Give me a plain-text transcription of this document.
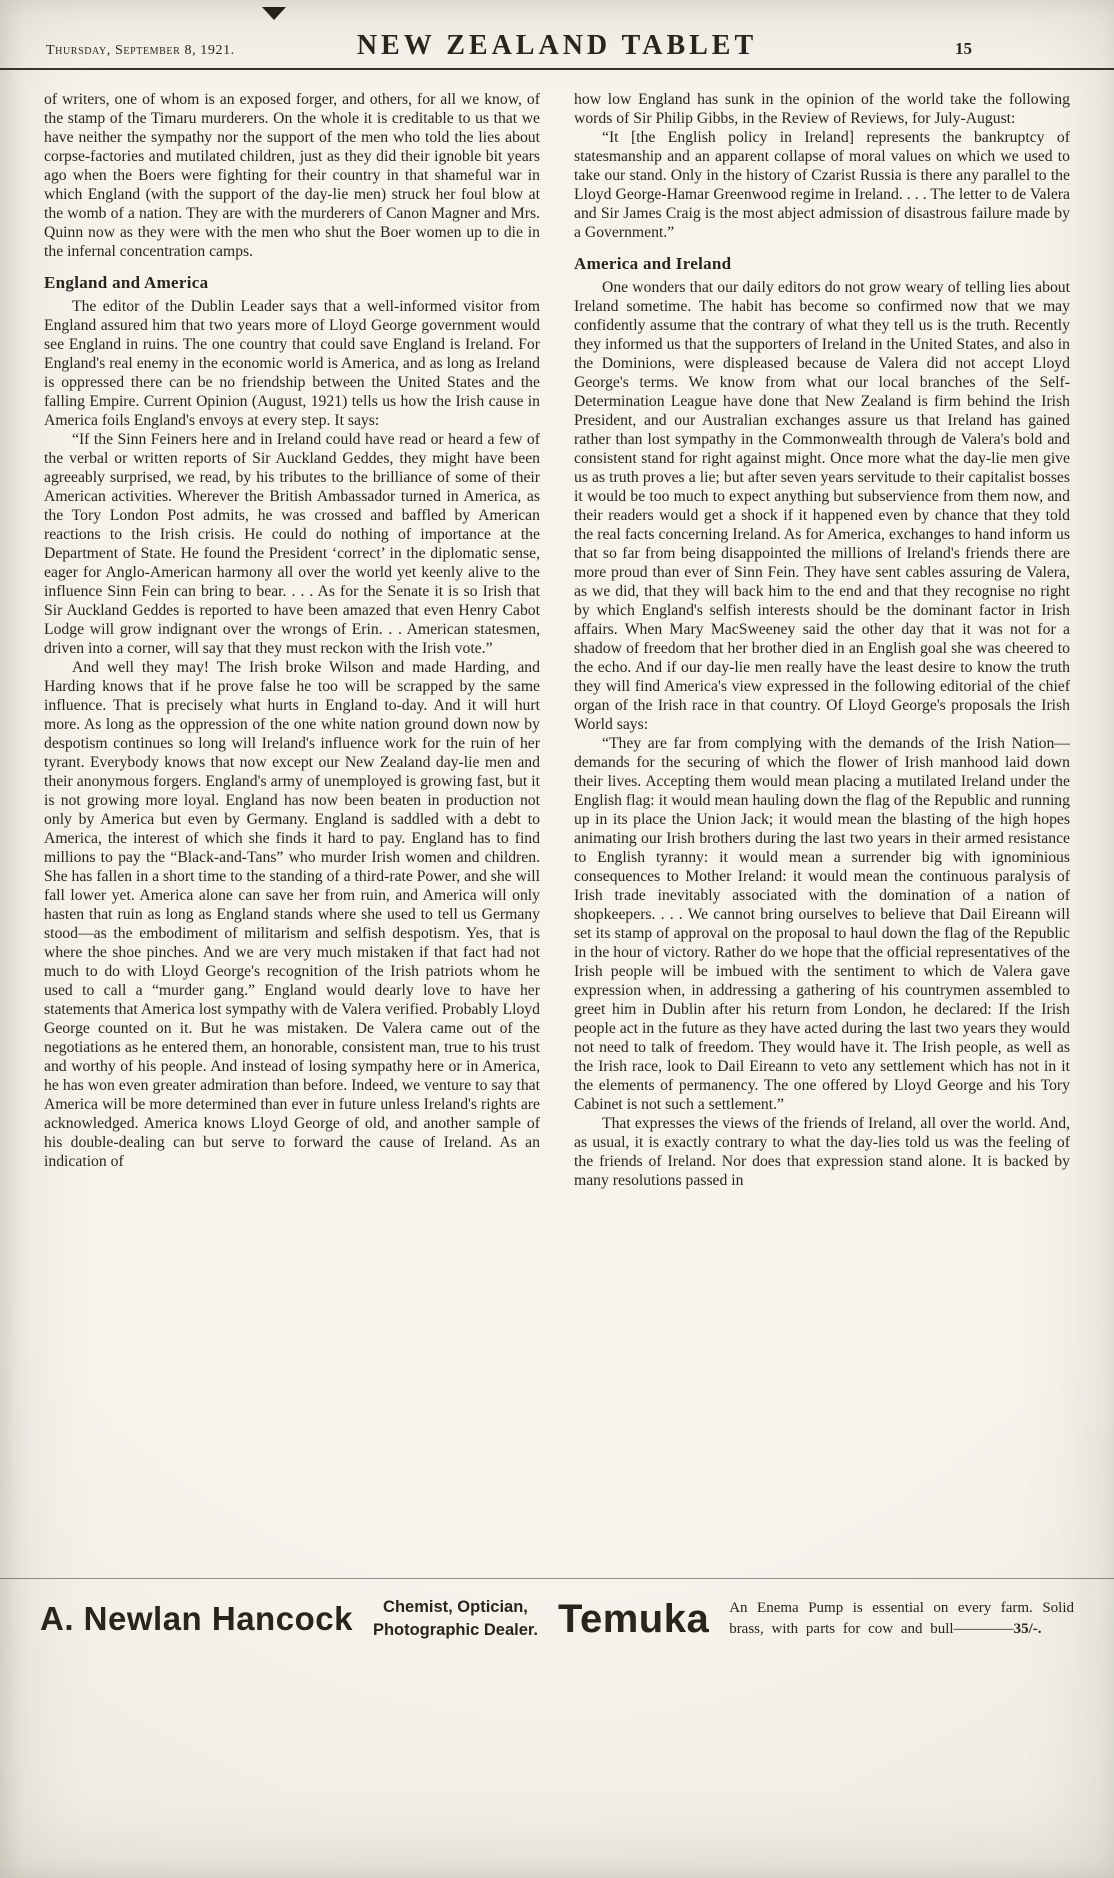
Thursday, September 8, 1921.	NEW ZEALAND TABLET	15

of writers, one of whom is an exposed forger, and others, for all we know, of the stamp of the Timaru murderers. On the whole it is creditable to us that we have neither the sympathy nor the support of the men who told the lies about corpse-factories and mutilated children, just as they did their ignoble bit years ago when the Boers were fighting for their country in that shameful war in which England (with the support of the day-lie men) struck her foul blow at the womb of a nation. They are with the murderers of Canon Magner and Mrs. Quinn now as they were with the men who shut the Boer women up to die in the infernal concentration camps.

England and America

The editor of the Dublin Leader says that a well-informed visitor from England assured him that two years more of Lloyd George government would see England in ruins. The one country that could save England is Ireland. For England's real enemy in the economic world is America, and as long as Ireland is oppressed there can be no friendship between the United States and the falling Empire. Current Opinion (August, 1921) tells us how the Irish cause in America foils England's envoys at every step. It says:

“If the Sinn Feiners here and in Ireland could have read or heard a few of the verbal or written reports of Sir Auckland Geddes, they might have been agreeably surprised, we read, by his tributes to the brilliance of some of their American activities. Wherever the British Ambassador turned in America, as the Tory London Post admits, he was crossed and baffled by American reactions to the Irish crisis. He could do nothing of importance at the Department of State. He found the President ‘correct’ in the diplomatic sense, eager for Anglo-American harmony all over the world yet keenly alive to the influence Sinn Fein can bring to bear. . . . As for the Senate it is so Irish that Sir Auckland Geddes is reported to have been amazed that even Henry Cabot Lodge will grow indignant over the wrongs of Erin. . . American statesmen, driven into a corner, will say that they must reckon with the Irish vote.”

And well they may! The Irish broke Wilson and made Harding, and Harding knows that if he prove false he too will be scrapped by the same influence. That is precisely what hurts in England to-day. And it will hurt more. As long as the oppression of the one white nation ground down now by despotism continues so long will Ireland's influence work for the ruin of her tyrant. Everybody knows that now except our New Zealand day-lie men and their anonymous forgers. England's army of unemployed is growing fast, but it is not growing more loyal. England has now been beaten in production not only by America but even by Germany. England is saddled with a debt to America, the interest of which she finds it hard to pay. England has to find millions to pay the “Black-and-Tans” who murder Irish women and children. She has fallen in a short time to the standing of a third-rate Power, and she will fall lower yet. America alone can save her from ruin, and America will only hasten that ruin as long as England stands where she used to tell us Germany stood—as the embodiment of militarism and selfish despotism. Yes, that is where the shoe pinches. And we are very much mistaken if that fact had not much to do with Lloyd George's recognition of the Irish patriots whom he used to call a “murder gang.” England would dearly love to have her statements that America lost sympathy with de Valera verified. Probably Lloyd George counted on it. But he was mistaken. De Valera came out of the negotiations as he entered them, an honorable, consistent man, true to his trust and worthy of his people. And instead of losing sympathy here or in America, he has won even greater admiration than before. Indeed, we venture to say that America will be more determined than ever in future unless Ireland's rights are acknowledged. America knows Lloyd George of old, and another sample of his double-dealing can but serve to forward the cause of Ireland. As an indication of

how low England has sunk in the opinion of the world take the following words of Sir Philip Gibbs, in the Review of Reviews, for July-August:

“It [the English policy in Ireland] represents the bankruptcy of statesmanship and an apparent collapse of moral values on which we used to take our stand. Only in the history of Czarist Russia is there any parallel to the Lloyd George-Hamar Greenwood regime in Ireland. . . . The letter to de Valera and Sir James Craig is the most abject admission of disastrous failure made by a Government.”

America and Ireland

One wonders that our daily editors do not grow weary of telling lies about Ireland sometime. The habit has become so confirmed now that we may confidently assume that the contrary of what they tell us is the truth. Recently they informed us that the supporters of Ireland in the United States, and also in the Dominions, were displeased because de Valera did not accept Lloyd George's terms. We know from what our local branches of the Self-Determination League have done that New Zealand is firm behind the Irish President, and our Australian exchanges assure us that Ireland has gained rather than lost sympathy in the Commonwealth through de Valera's bold and consistent stand for right against might. Once more what the day-lie men give us as truth proves a lie; but after seven years servitude to their capitalist bosses it would be too much to expect anything but subservience from them now, and their readers would get a shock if it happened even by chance that they told the real facts concerning Ireland. As for America, exchanges to hand inform us that so far from being disappointed the millions of Ireland's friends there are more proud than ever of Sinn Fein. They have sent cables assuring de Valera, as we did, that they will back him to the end and that they recognise no right by which England's selfish interests should be the dominant factor in Irish affairs. When Mary MacSweeney said the other day that it was not for a shadow of freedom that her brother died in an English goal she was cheered to the echo. And if our day-lie men really have the least desire to know the truth they will find America's view expressed in the following editorial of the chief organ of the Irish race in that country. Of Lloyd George's proposals the Irish World says:

“They are far from complying with the demands of the Irish Nation—demands for the securing of which the flower of Irish manhood laid down their lives. Accepting them would mean placing a mutilated Ireland under the English flag: it would mean hauling down the flag of the Republic and running up in its place the Union Jack; it would mean the blasting of the high hopes animating our Irish brothers during the last two years in their armed resistance to English tyranny: it would mean a surrender big with ignominious consequences to Mother Ireland: it would mean the continuous paralysis of Irish trade inevitably associated with the domination of a nation of shopkeepers. . . . We cannot bring ourselves to believe that Dail Eireann will set its stamp of approval on the proposal to haul down the flag of the Republic in the hour of victory. Rather do we hope that the official representatives of the Irish people will be imbued with the sentiment to which de Valera gave expression when, in addressing a gathering of his countrymen assembled to greet him in Dublin after his return from London, he declared: If the Irish people act in the future as they have acted during the last two years they would not need to talk of freedom. They would have it. The Irish people, as well as the Irish race, look to Dail Eireann to veto any settlement which has not in it the elements of permanency. The one offered by Lloyd George and his Tory Cabinet is not such a settlement.”

That expresses the views of the friends of Ireland, all over the world. And, as usual, it is exactly contrary to what the day-lies told us was the feeling of the friends of Ireland. Nor does that expression stand alone. It is backed by many resolutions passed in

A. Newlan Hancock	Chemist, Optician,
Photographic Dealer. Temuka An Enema Pump is essential on every farm. Solid brass, with parts for cow and bull————35/-.
